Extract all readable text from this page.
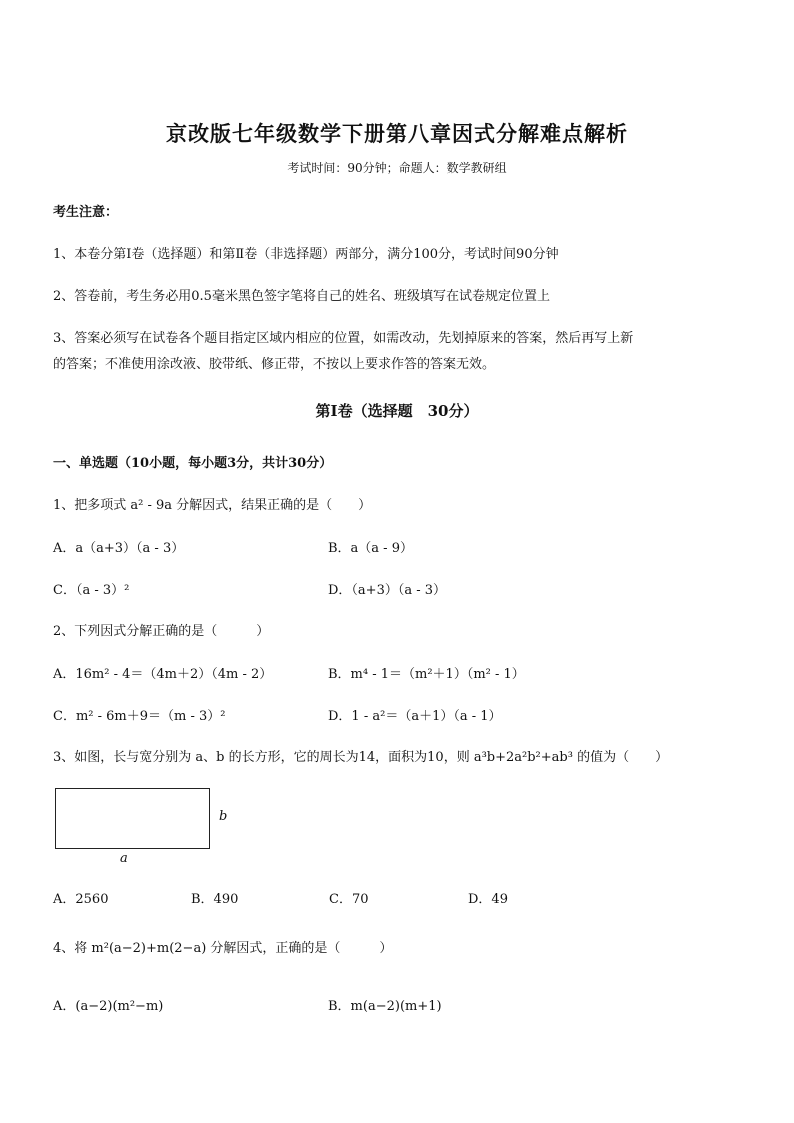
京改版七年级数学下册第八章因式分解难点解析
考试时间：90分钟；命题人：数学教研组
考生注意：
1、本卷分第Ⅰ卷（选择题）和第Ⅱ卷（非选择题）两部分，满分100分，考试时间90分钟
2、答卷前，考生务必用0.5毫米黑色签字笔将自己的姓名、班级填写在试卷规定位置上
3、答案必须写在试卷各个题目指定区域内相应的位置，如需改动，先划掉原来的答案，然后再写上新
的答案；不准使用涂改液、胶带纸、修正带，不按以上要求作答的答案无效。
第Ⅰ卷（选择题　30分）
一、单选题（10小题，每小题3分，共计30分）
1、把多项式 a² - 9a 分解因式，结果正确的是（　　）
A．a（a+3）（a - 3）	B．a（a - 9）
C．（a - 3）²	D．（a+3）（a - 3）
2、下列因式分解正确的是（　　　）
A．16m² - 4＝（4m＋2）（4m - 2）	B．m⁴ - 1＝（m²＋1）（m² - 1）
C．m² - 6m＋9＝（m - 3）²	D．1 - a²＝（a＋1）（a - 1）
3、如图，长与宽分别为 a、b 的长方形，它的周长为14，面积为10，则 a³b+2a²b²+ab³ 的值为（　　）
b
a
A．2560	B．490	C．70	D．49
4、将 m²(a−2)+m(2−a) 分解因式，正确的是（　　　）
A．(a−2)(m²−m)	B．m(a−2)(m+1)
